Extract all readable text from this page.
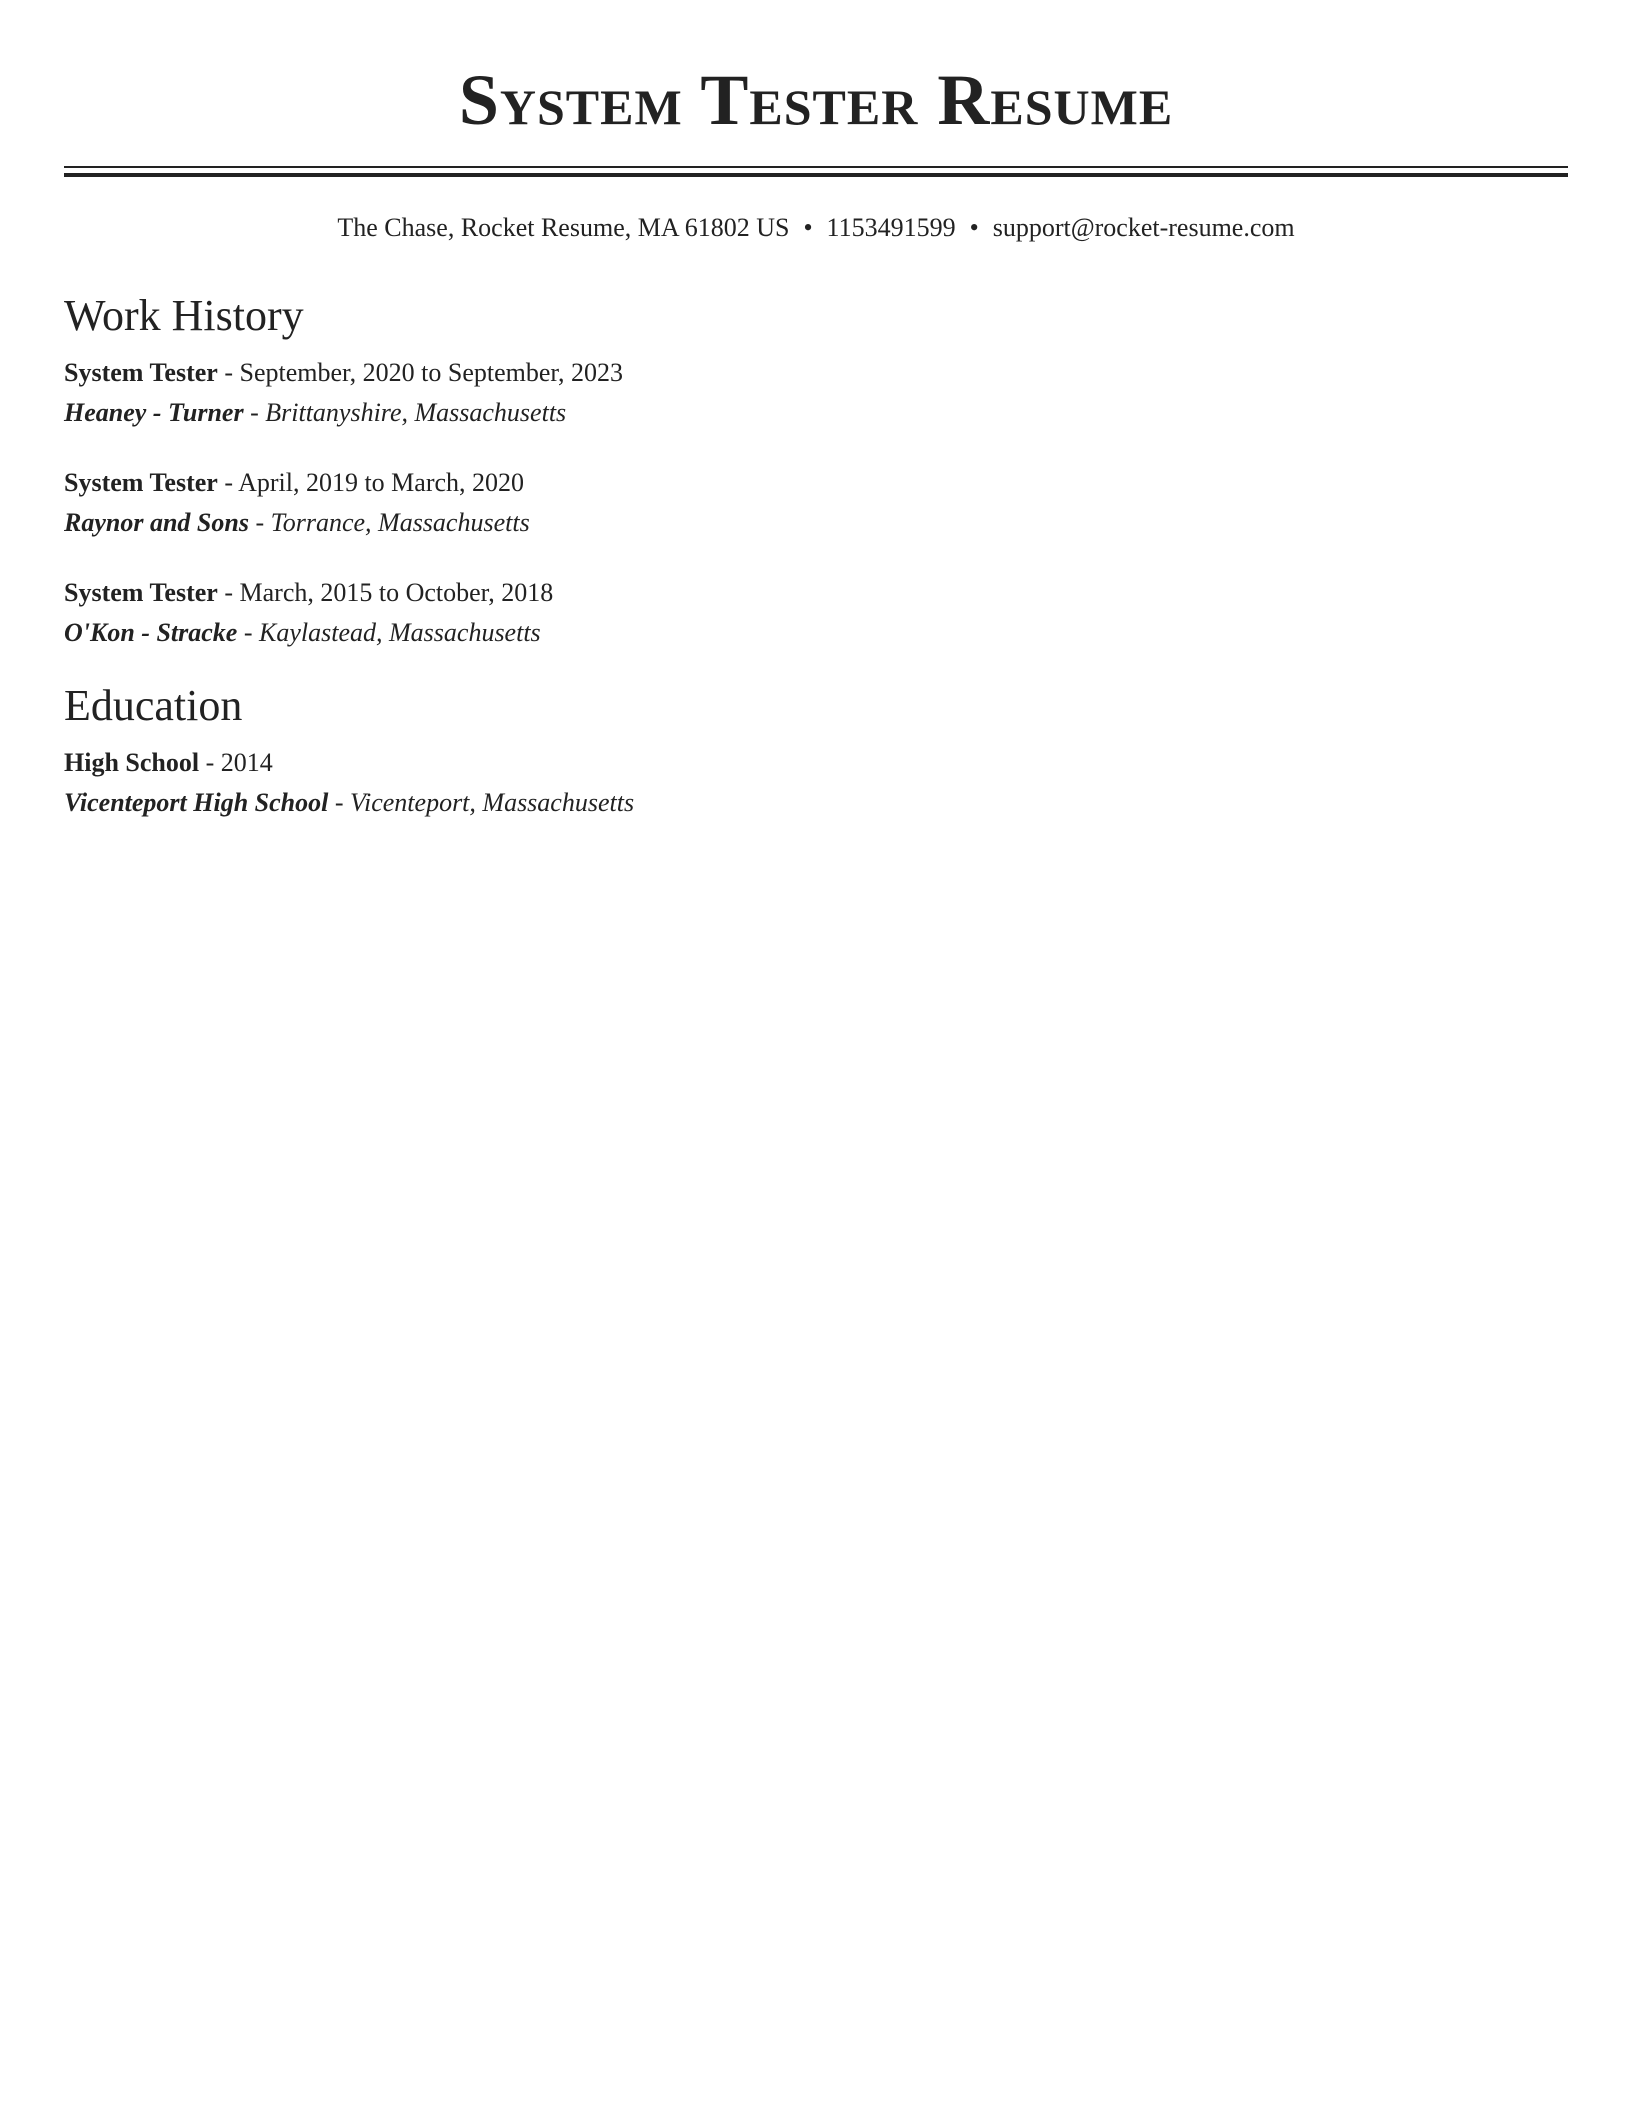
System Tester Resume
The Chase, Rocket Resume, MA 61802 US • 1153491599 • support@rocket-resume.com
Work History
System Tester - September, 2020 to September, 2023
Heaney - Turner - Brittanyshire, Massachusetts
System Tester - April, 2019 to March, 2020
Raynor and Sons - Torrance, Massachusetts
System Tester - March, 2015 to October, 2018
O'Kon - Stracke - Kaylastead, Massachusetts
Education
High School - 2014
Vicenteport High School - Vicenteport, Massachusetts
